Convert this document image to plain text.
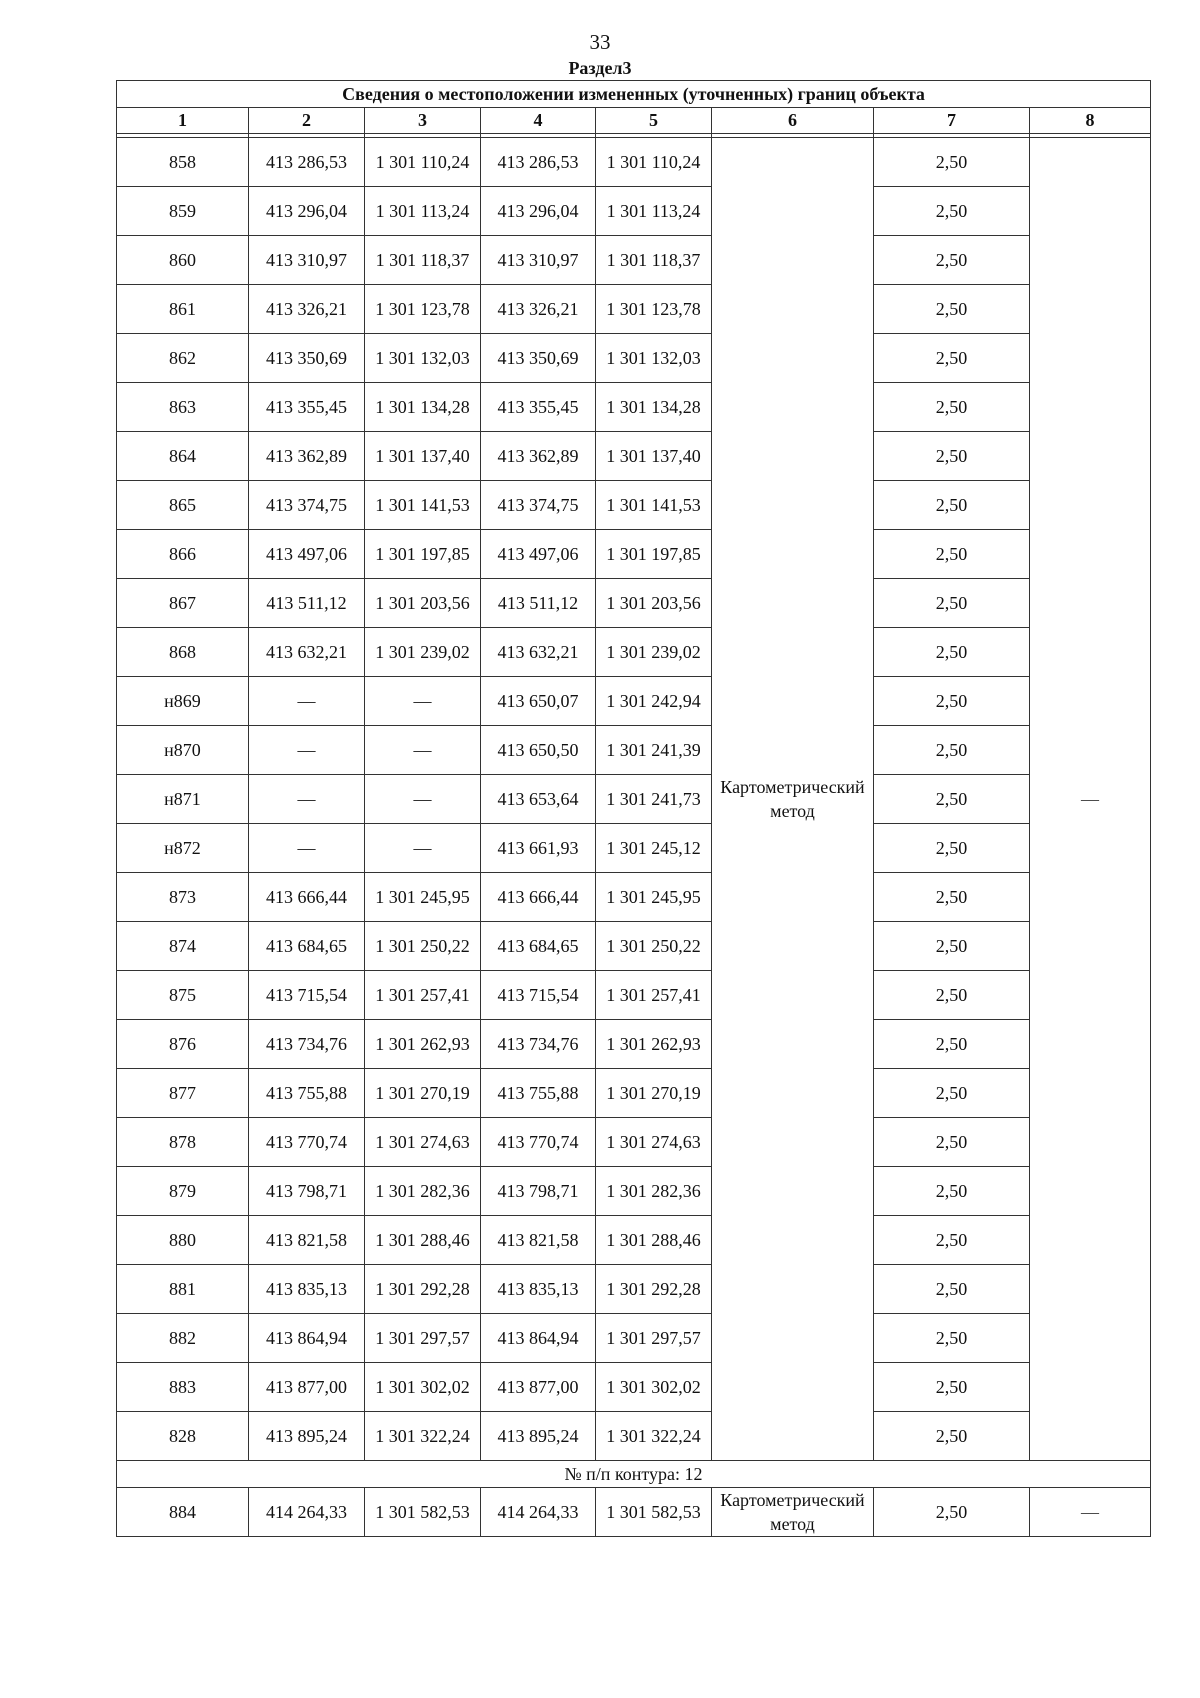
33
Раздел3
Сведения о местоположении измененных (уточненных) границ объекта							
1	2	3	4	5	6	7	8

858	413 286,53	1 301 110,24	413 286,53	1 301 110,24	Картометрический метод	2,50	—
859	413 296,04	1 301 113,24	413 296,04	1 301 113,24		2,50	
860	413 310,97	1 301 118,37	413 310,97	1 301 118,37		2,50	
861	413 326,21	1 301 123,78	413 326,21	1 301 123,78		2,50	
862	413 350,69	1 301 132,03	413 350,69	1 301 132,03		2,50	
863	413 355,45	1 301 134,28	413 355,45	1 301 134,28		2,50	
864	413 362,89	1 301 137,40	413 362,89	1 301 137,40		2,50	
865	413 374,75	1 301 141,53	413 374,75	1 301 141,53		2,50	
866	413 497,06	1 301 197,85	413 497,06	1 301 197,85		2,50	
867	413 511,12	1 301 203,56	413 511,12	1 301 203,56		2,50	
868	413 632,21	1 301 239,02	413 632,21	1 301 239,02		2,50	
н869	—	—	413 650,07	1 301 242,94		2,50	
н870	—	—	413 650,50	1 301 241,39		2,50	
н871	—	—	413 653,64	1 301 241,73		2,50	
н872	—	—	413 661,93	1 301 245,12		2,50	
873	413 666,44	1 301 245,95	413 666,44	1 301 245,95		2,50	
874	413 684,65	1 301 250,22	413 684,65	1 301 250,22		2,50	
875	413 715,54	1 301 257,41	413 715,54	1 301 257,41		2,50	
876	413 734,76	1 301 262,93	413 734,76	1 301 262,93		2,50	
877	413 755,88	1 301 270,19	413 755,88	1 301 270,19		2,50	
878	413 770,74	1 301 274,63	413 770,74	1 301 274,63		2,50	
879	413 798,71	1 301 282,36	413 798,71	1 301 282,36		2,50	
880	413 821,58	1 301 288,46	413 821,58	1 301 288,46		2,50	
881	413 835,13	1 301 292,28	413 835,13	1 301 292,28		2,50	
882	413 864,94	1 301 297,57	413 864,94	1 301 297,57		2,50	
883	413 877,00	1 301 302,02	413 877,00	1 301 302,02		2,50	
828	413 895,24	1 301 322,24	413 895,24	1 301 322,24		2,50	
№ п/п контура: 12							
884	414 264,33	1 301 582,53	414 264,33	1 301 582,53	Картометрический метод	2,50	—
